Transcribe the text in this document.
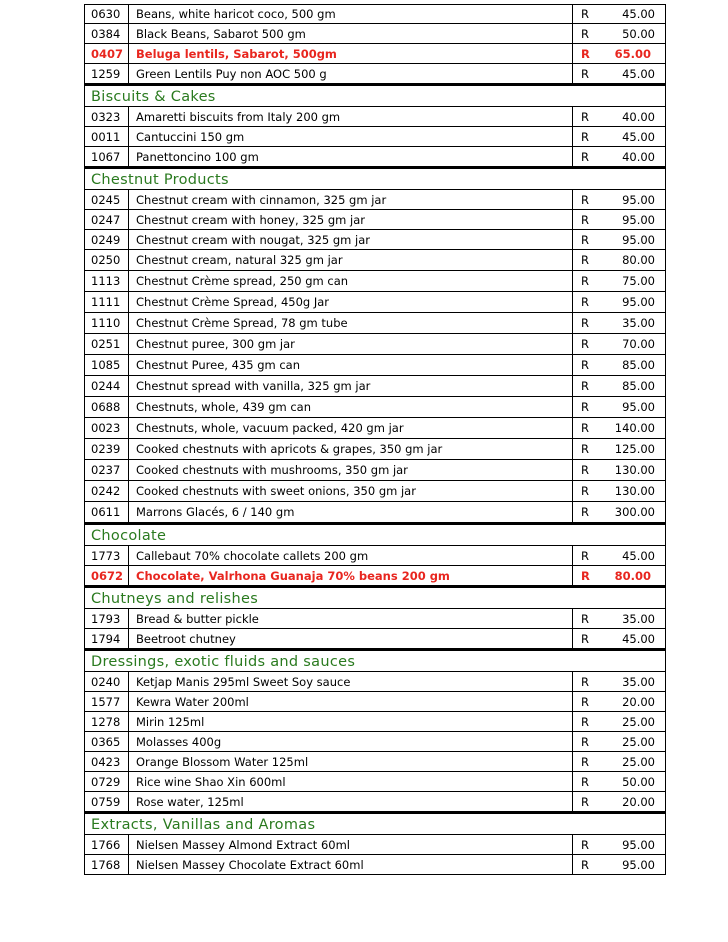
0630	Beans, white haricot coco, 500 gm	R	45.00
0384	Black Beans, Sabarot 500 gm	R	50.00
0407	Beluga lentils, Sabarot, 500gm	R	65.00
1259	Green Lentils Puy non AOC 500 g	R	45.00
Biscuits & Cakes
0323	Amaretti biscuits from Italy 200 gm	R	40.00
0011	Cantuccini 150 gm	R	45.00
1067	Panettoncino 100 gm	R	40.00
Chestnut Products
0245	Chestnut cream with cinnamon, 325 gm jar	R	95.00
0247	Chestnut cream with honey, 325 gm jar	R	95.00
0249	Chestnut cream with nougat, 325 gm jar	R	95.00
0250	Chestnut cream, natural 325 gm jar	R	80.00
1113	Chestnut Crème spread, 250 gm can	R	75.00
1111	Chestnut Crème Spread, 450g Jar	R	95.00
1110	Chestnut Crème Spread, 78 gm tube	R	35.00
0251	Chestnut puree, 300 gm jar	R	70.00
1085	Chestnut Puree, 435 gm can	R	85.00
0244	Chestnut spread with vanilla, 325 gm jar	R	85.00
0688	Chestnuts, whole, 439 gm can	R	95.00
0023	Chestnuts, whole, vacuum packed, 420 gm jar	R	140.00
0239	Cooked chestnuts with apricots & grapes, 350 gm jar	R	125.00
0237	Cooked chestnuts with mushrooms, 350 gm jar	R	130.00
0242	Cooked chestnuts with sweet onions, 350 gm jar	R	130.00
0611	Marrons Glacés, 6 / 140 gm	R	300.00
Chocolate
1773	Callebaut 70% chocolate callets 200 gm	R	45.00
0672	Chocolate, Valrhona Guanaja 70% beans 200 gm	R	80.00
Chutneys and relishes
1793	Bread & butter pickle	R	35.00
1794	Beetroot chutney	R	45.00
Dressings, exotic fluids and sauces
0240	Ketjap Manis 295ml Sweet Soy sauce	R	35.00
1577	Kewra Water 200ml	R	20.00
1278	Mirin 125ml	R	25.00
0365	Molasses 400g	R	25.00
0423	Orange Blossom Water 125ml	R	25.00
0729	Rice wine Shao Xin 600ml	R	50.00
0759	Rose water, 125ml	R	20.00
Extracts, Vanillas and Aromas
1766	Nielsen Massey Almond Extract 60ml	R	95.00
1768	Nielsen Massey Chocolate Extract 60ml	R	95.00
